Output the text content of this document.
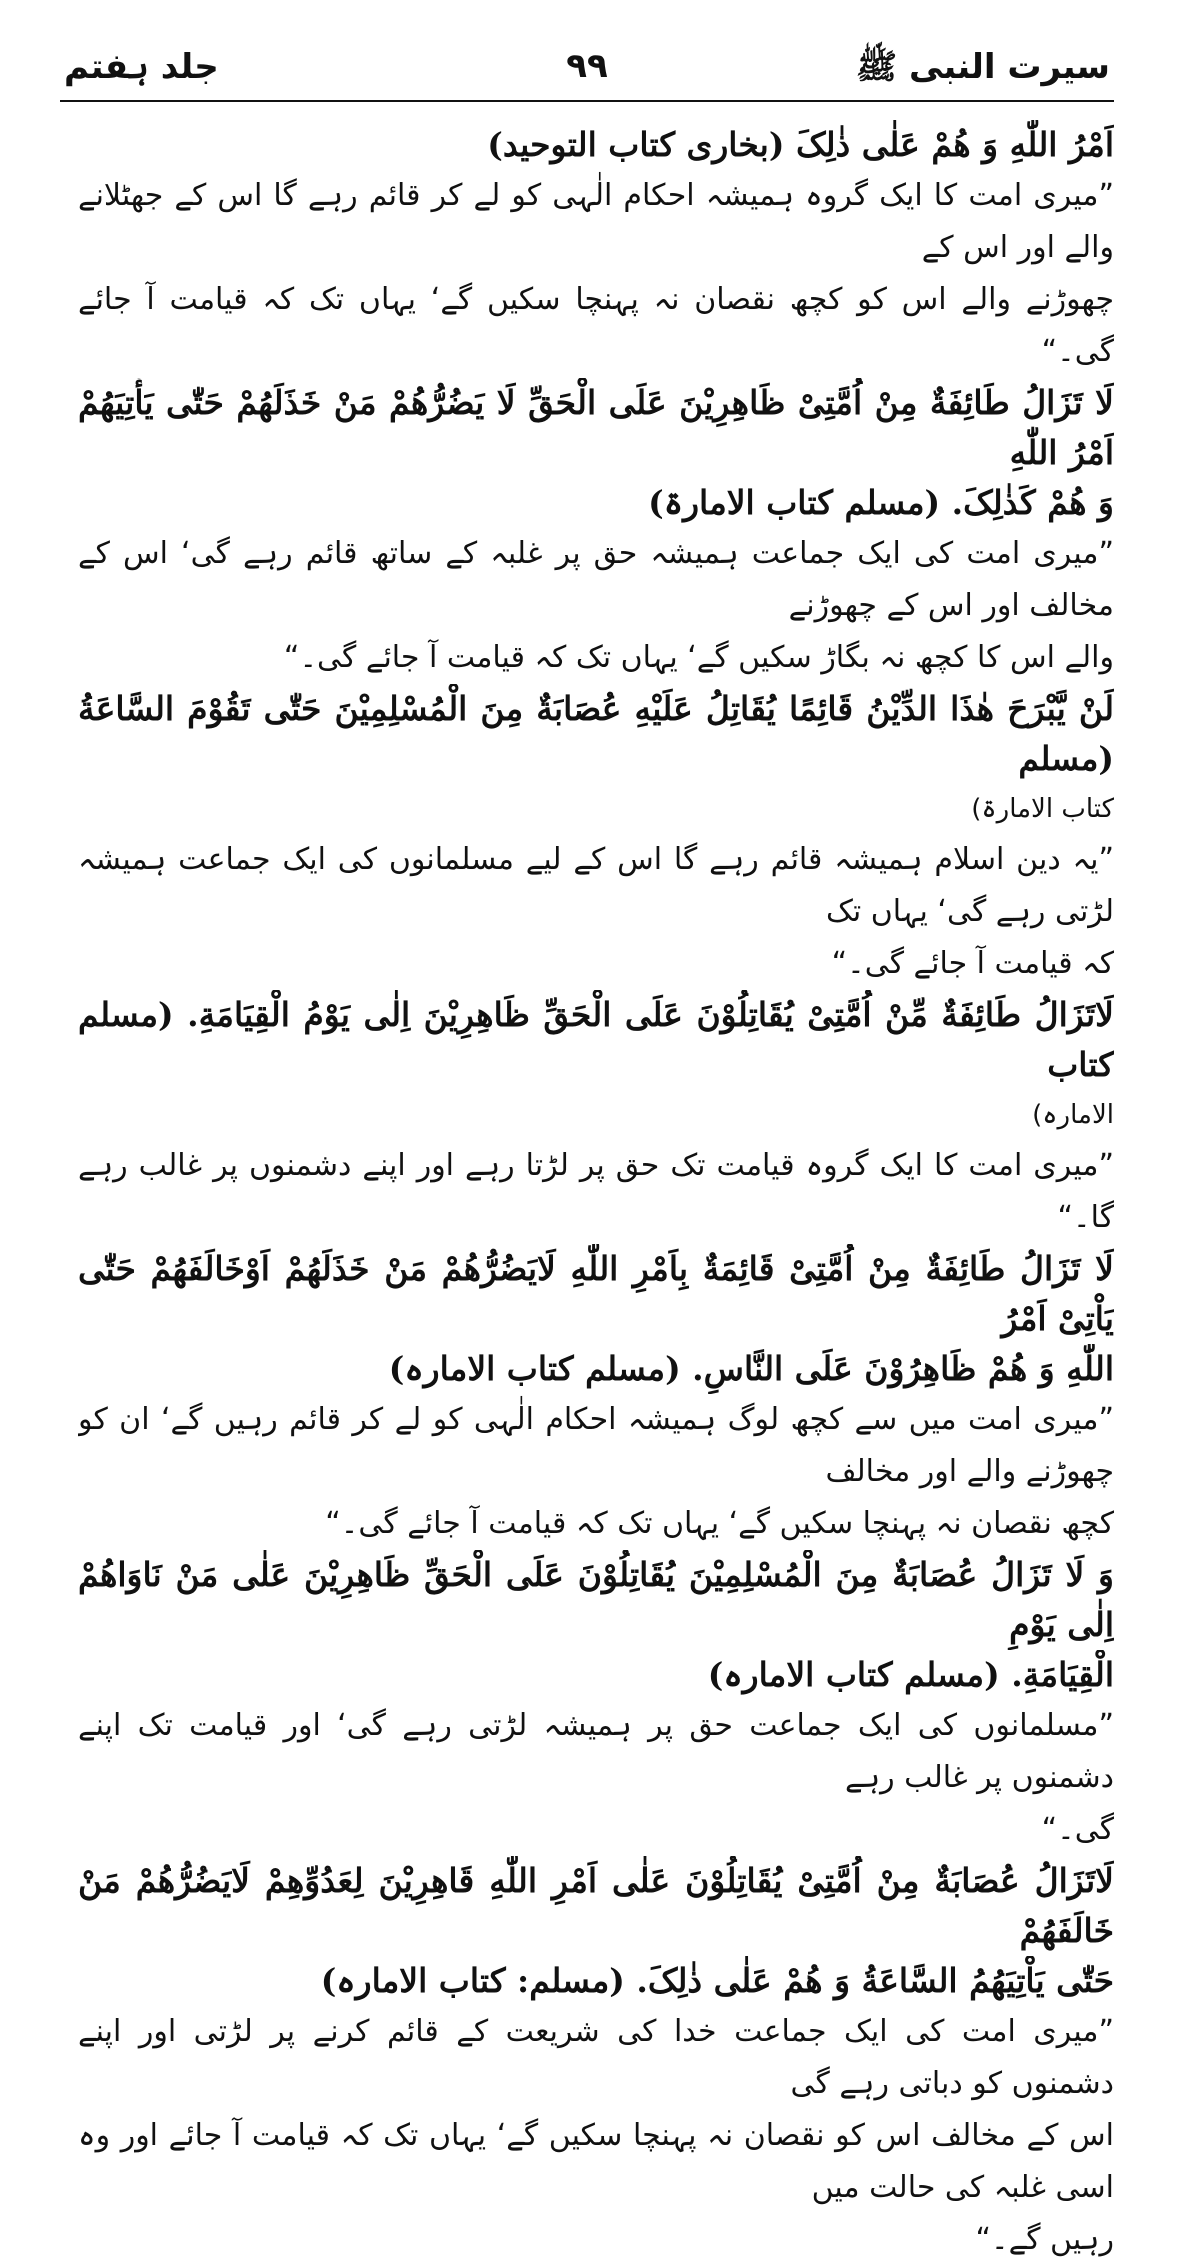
سیرت النبی ﷺ
۹۹
جلد ہفتم

اَمْرُ اللّٰهِ وَ هُمْ عَلٰى ذٰلِکَ (بخاری کتاب التوحید)

”میری امت کا ایک گروہ ہمیشہ احکام الٰہی کو لے کر قائم رہے گا اس کے جھٹلانے والے اور اس کے

چھوڑنے والے اس کو کچھ نقصان نہ پہنچا سکیں گے‘ یہاں تک کہ قیامت آ جائے گی۔“

لَا تَزَالُ طَائِفَةٌ مِنْ اُمَّتِیْ ظَاهِرِیْنَ عَلَى الْحَقِّ لَا یَضُرُّهُمْ مَنْ خَذَلَهُمْ حَتّٰى یَأْتِیَهُمْ اَمْرُ اللّٰهِ

وَ هُمْ كَذٰلِکَ. (مسلم کتاب الامارۃ)

”میری امت کی ایک جماعت ہمیشہ حق پر غلبہ کے ساتھ قائم رہے گی‘ اس کے مخالف اور اس کے چھوڑنے

والے اس کا کچھ نہ بگاڑ سکیں گے‘ یہاں تک کہ قیامت آ جائے گی۔“

لَنْ یَّبْرَحَ هٰذَا الدِّیْنُ قَائِمًا یُقَاتِلُ عَلَیْهِ عُصَابَةٌ مِنَ الْمُسْلِمِیْنَ حَتّٰى تَقُوْمَ السَّاعَةُ (مسلم

کتاب الامارۃ)

”یہ دین اسلام ہمیشہ قائم رہے گا اس کے لیے مسلمانوں کی ایک جماعت ہمیشہ لڑتی رہے گی‘ یہاں تک

کہ قیامت آ جائے گی۔“

لَاتَزَالُ طَائِفَةٌ مِّنْ اُمَّتِیْ یُقَاتِلُوْنَ عَلَى الْحَقِّ ظَاهِرِیْنَ اِلٰى یَوْمُ الْقِیَامَةِ. (مسلم کتاب

الامارہ)

”میری امت کا ایک گروہ قیامت تک حق پر لڑتا رہے اور اپنے دشمنوں پر غالب رہے گا۔“

لَا تَزَالُ طَائِفَةٌ مِنْ اُمَّتِیْ قَائِمَةٌ بِاَمْرِ اللّٰهِ لَایَضُرُّهُمْ مَنْ خَذَلَهُمْ اَوْخَالَفَهُمْ حَتّٰى یَاْتِیْ اَمْرُ

اللّٰهِ وَ هُمْ ظَاهِرُوْنَ عَلَى النَّاسِ. (مسلم کتاب الامارہ)

”میری امت میں سے کچھ لوگ ہمیشہ احکام الٰہی کو لے کر قائم رہیں گے‘ ان کو چھوڑنے والے اور مخالف

کچھ نقصان نہ پہنچا سکیں گے‘ یہاں تک کہ قیامت آ جائے گی۔“

وَ لَا تَزَالُ عُصَابَةٌ مِنَ الْمُسْلِمِیْنَ یُقَاتِلُوْنَ عَلَى الْحَقِّ ظَاهِرِیْنَ عَلٰى مَنْ نَاوَاهُمْ اِلٰى یَوْمِ

الْقِیَامَةِ. (مسلم کتاب الامارہ)

”مسلمانوں کی ایک جماعت حق پر ہمیشہ لڑتی رہے گی‘ اور قیامت تک اپنے دشمنوں پر غالب رہے

گی۔“

لَاتَزَالُ عُصَابَةٌ مِنْ اُمَّتِیْ یُقَاتِلُوْنَ عَلٰى اَمْرِ اللّٰهِ قَاهِرِیْنَ لِعَدُوِّهِمْ لَایَضُرُّهُمْ مَنْ خَالَفَهُمْ

حَتّٰى یَاْتِیَهُمُ السَّاعَةُ وَ هُمْ عَلٰى ذٰلِکَ. (مسلم: کتاب الامارہ)

”میری امت کی ایک جماعت خدا کی شریعت کے قائم کرنے پر لڑتی اور اپنے دشمنوں کو دباتی رہے گی

اس کے مخالف اس کو نقصان نہ پہنچا سکیں گے‘ یہاں تک کہ قیامت آ جائے اور وہ اسی غلبہ کی حالت میں

رہیں گے۔“
